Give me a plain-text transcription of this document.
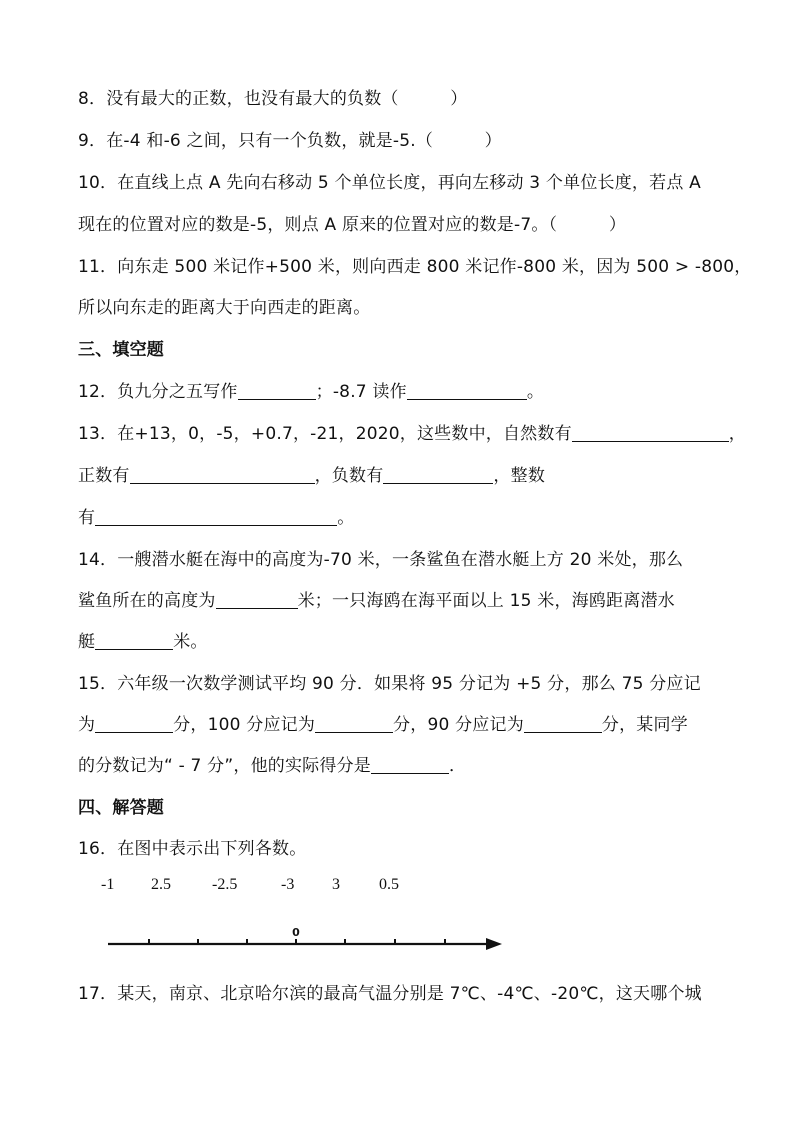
8．没有最大的正数，也没有最大的负数（　　　）
9．在-4 和-6 之间，只有一个负数，就是-5.（　　　）
10．在直线上点 A 先向右移动 5 个单位长度，再向左移动 3 个单位长度，若点 A
现在的位置对应的数是-5，则点 A 原来的位置对应的数是-7。（　　　）
11．向东走 500 米记作+500 米，则向西走 800 米记作-800 米，因为 500 > -800，
所以向东走的距离大于向西走的距离。
三、填空题
12．负九分之五写作	；-8.7 读作	。
13．在+13，0，-5，+0.7，-21，2020，这些数中，自然数有	，
正数有	，负数有	，整数
有	。
14．一艘潜水艇在海中的高度为-70 米，一条鲨鱼在潜水艇上方 20 米处，那么
鲨鱼所在的高度为	米；一只海鸥在海平面以上 15 米，海鸥距离潜水
艇	米。
15．六年级一次数学测试平均 90 分．如果将 95 分记为 +5 分，那么 75 分应记
为	分，100 分应记为	分，90 分应记为	分，某同学
的分数记为“ - 7 分”，他的实际得分是	．
四、解答题
16．在图中表示出下列各数。
-1 2.5	-2.5	-3 3 0.5
0
17．某天，南京、北京哈尔滨的最高气温分别是 7℃、-4℃、-20℃，这天哪个城
